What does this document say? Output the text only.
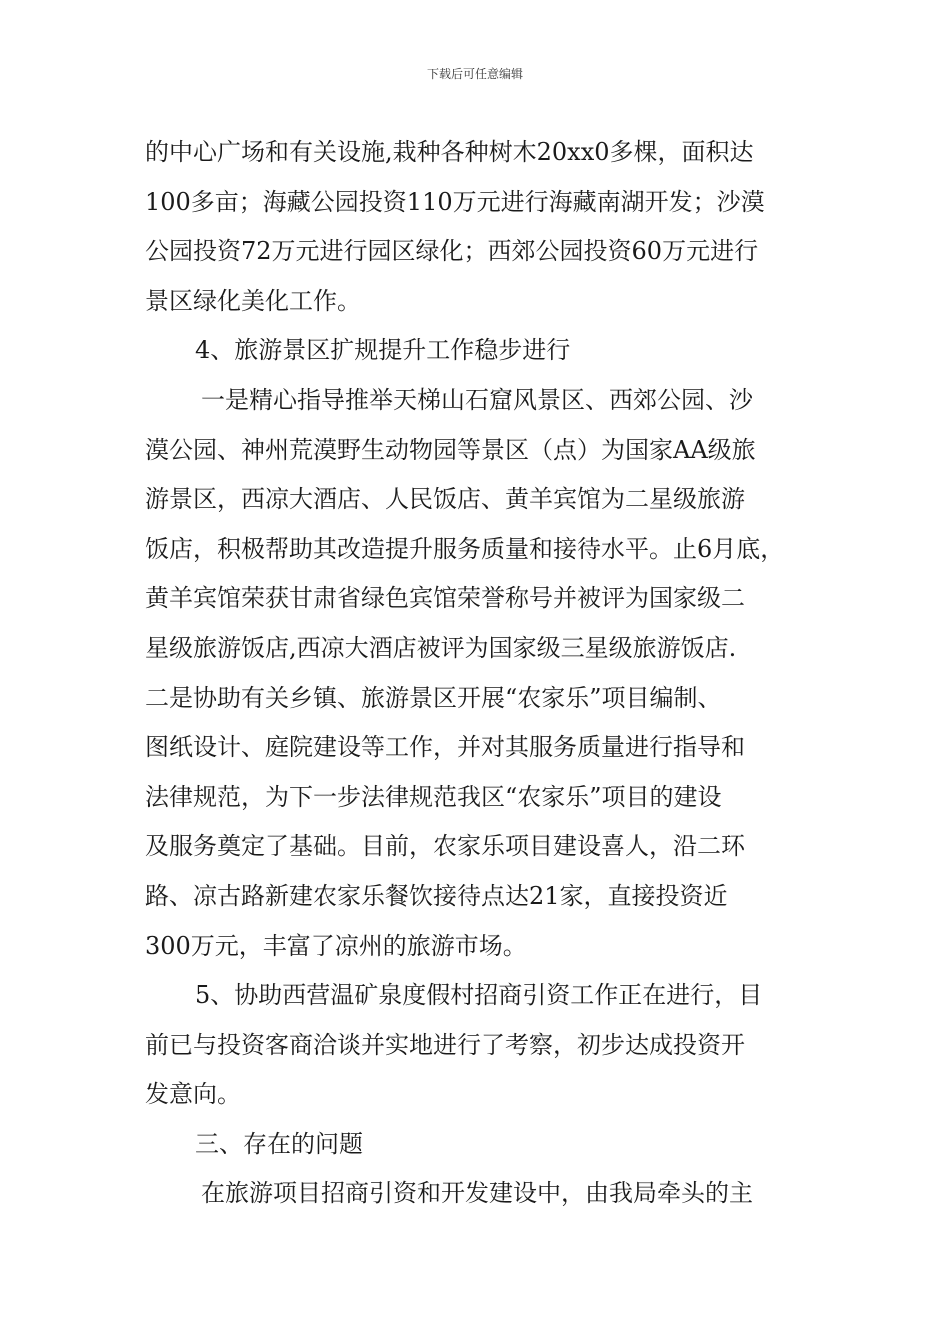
下载后可任意编辑
的中心广场和有关设施,栽种各种树木20xx0多棵，面积达
100多亩；海藏公园投资110万元进行海藏南湖开发；沙漠
公园投资72万元进行园区绿化；西郊公园投资60万元进行
景区绿化美化工作。
4、旅游景区扩规提升工作稳步进行
一是精心指导推举天梯山石窟风景区、西郊公园、沙
漠公园、神州荒漠野生动物园等景区（点）为国家AA级旅
游景区，西凉大酒店、人民饭店、黄羊宾馆为二星级旅游
饭店，积极帮助其改造提升服务质量和接待水平。止6月底，
黄羊宾馆荣获甘肃省绿色宾馆荣誉称号并被评为国家级二
星级旅游饭店,西凉大酒店被评为国家级三星级旅游饭店.
二是协助有关乡镇、旅游景区开展“农家乐”项目编制、
图纸设计、庭院建设等工作，并对其服务质量进行指导和
法律规范，为下一步法律规范我区“农家乐”项目的建设
及服务奠定了基础。目前，农家乐项目建设喜人，沿二环
路、凉古路新建农家乐餐饮接待点达21家，直接投资近
300万元，丰富了凉州的旅游市场。
5、协助西营温矿泉度假村招商引资工作正在进行，目
前已与投资客商洽谈并实地进行了考察，初步达成投资开
发意向。
三、存在的问题
在旅游项目招商引资和开发建设中，由我局牵头的主
